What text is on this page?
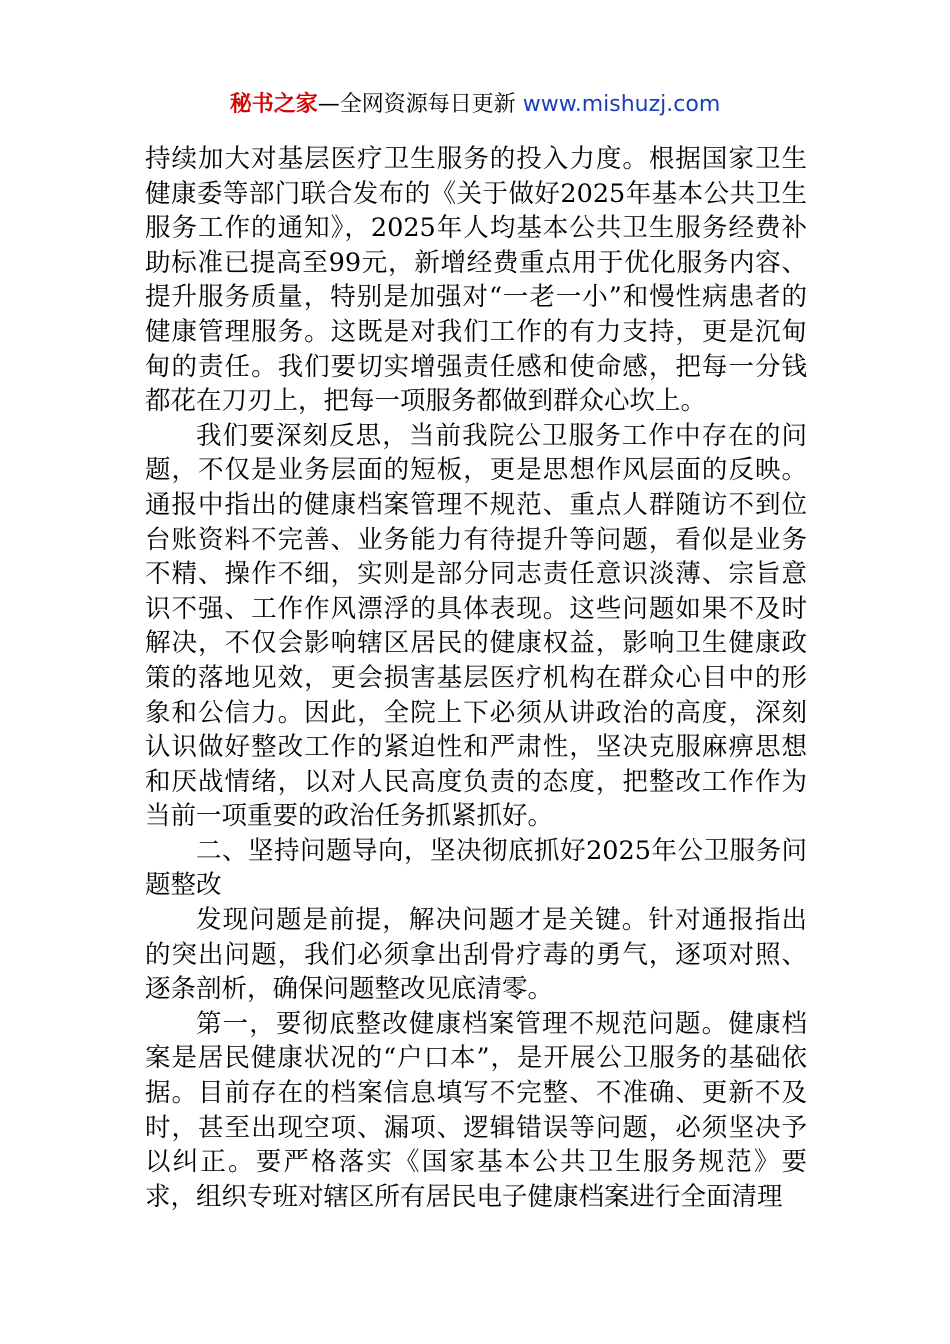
秘书之家—全网资源每日更新 www.mishuzj.com

持续加大对基层医疗卫生服务的投入力度。根据国家卫生健康委等部门联合发布的《关于做好2025年基本公共卫生服务工作的通知》，2025年人均基本公共卫生服务经费补助标准已提高至99元，新增经费重点用于优化服务内容、提升服务质量，特别是加强对“一老一小”和慢性病患者的健康管理服务。这既是对我们工作的有力支持，更是沉甸甸的责任。我们要切实增强责任感和使命感，把每一分钱都花在刀刃上，把每一项服务都做到群众心坎上。

我们要深刻反思，当前我院公卫服务工作中存在的问题，不仅是业务层面的短板，更是思想作风层面的反映。通报中指出的健康档案管理不规范、重点人群随访不到位台账资料不完善、业务能力有待提升等问题，看似是业务不精、操作不细，实则是部分同志责任意识淡薄、宗旨意识不强、工作作风漂浮的具体表现。这些问题如果不及时解决，不仅会影响辖区居民的健康权益，影响卫生健康政策的落地见效，更会损害基层医疗机构在群众心目中的形象和公信力。因此，全院上下必须从讲政治的高度，深刻认识做好整改工作的紧迫性和严肃性，坚决克服麻痹思想和厌战情绪，以对人民高度负责的态度，把整改工作作为当前一项重要的政治任务抓紧抓好。

二、坚持问题导向，坚决彻底抓好2025年公卫服务问题整改

发现问题是前提，解决问题才是关键。针对通报指出的突出问题，我们必须拿出刮骨疗毒的勇气，逐项对照、逐条剖析，确保问题整改见底清零。

第一，要彻底整改健康档案管理不规范问题。健康档案是居民健康状况的“户口本”，是开展公卫服务的基础依据。目前存在的档案信息填写不完整、不准确、更新不及时，甚至出现空项、漏项、逻辑错误等问题，必须坚决予以纠正。要严格落实《国家基本公共卫生服务规范》要求，组织专班对辖区所有居民电子健康档案进行全面清理
